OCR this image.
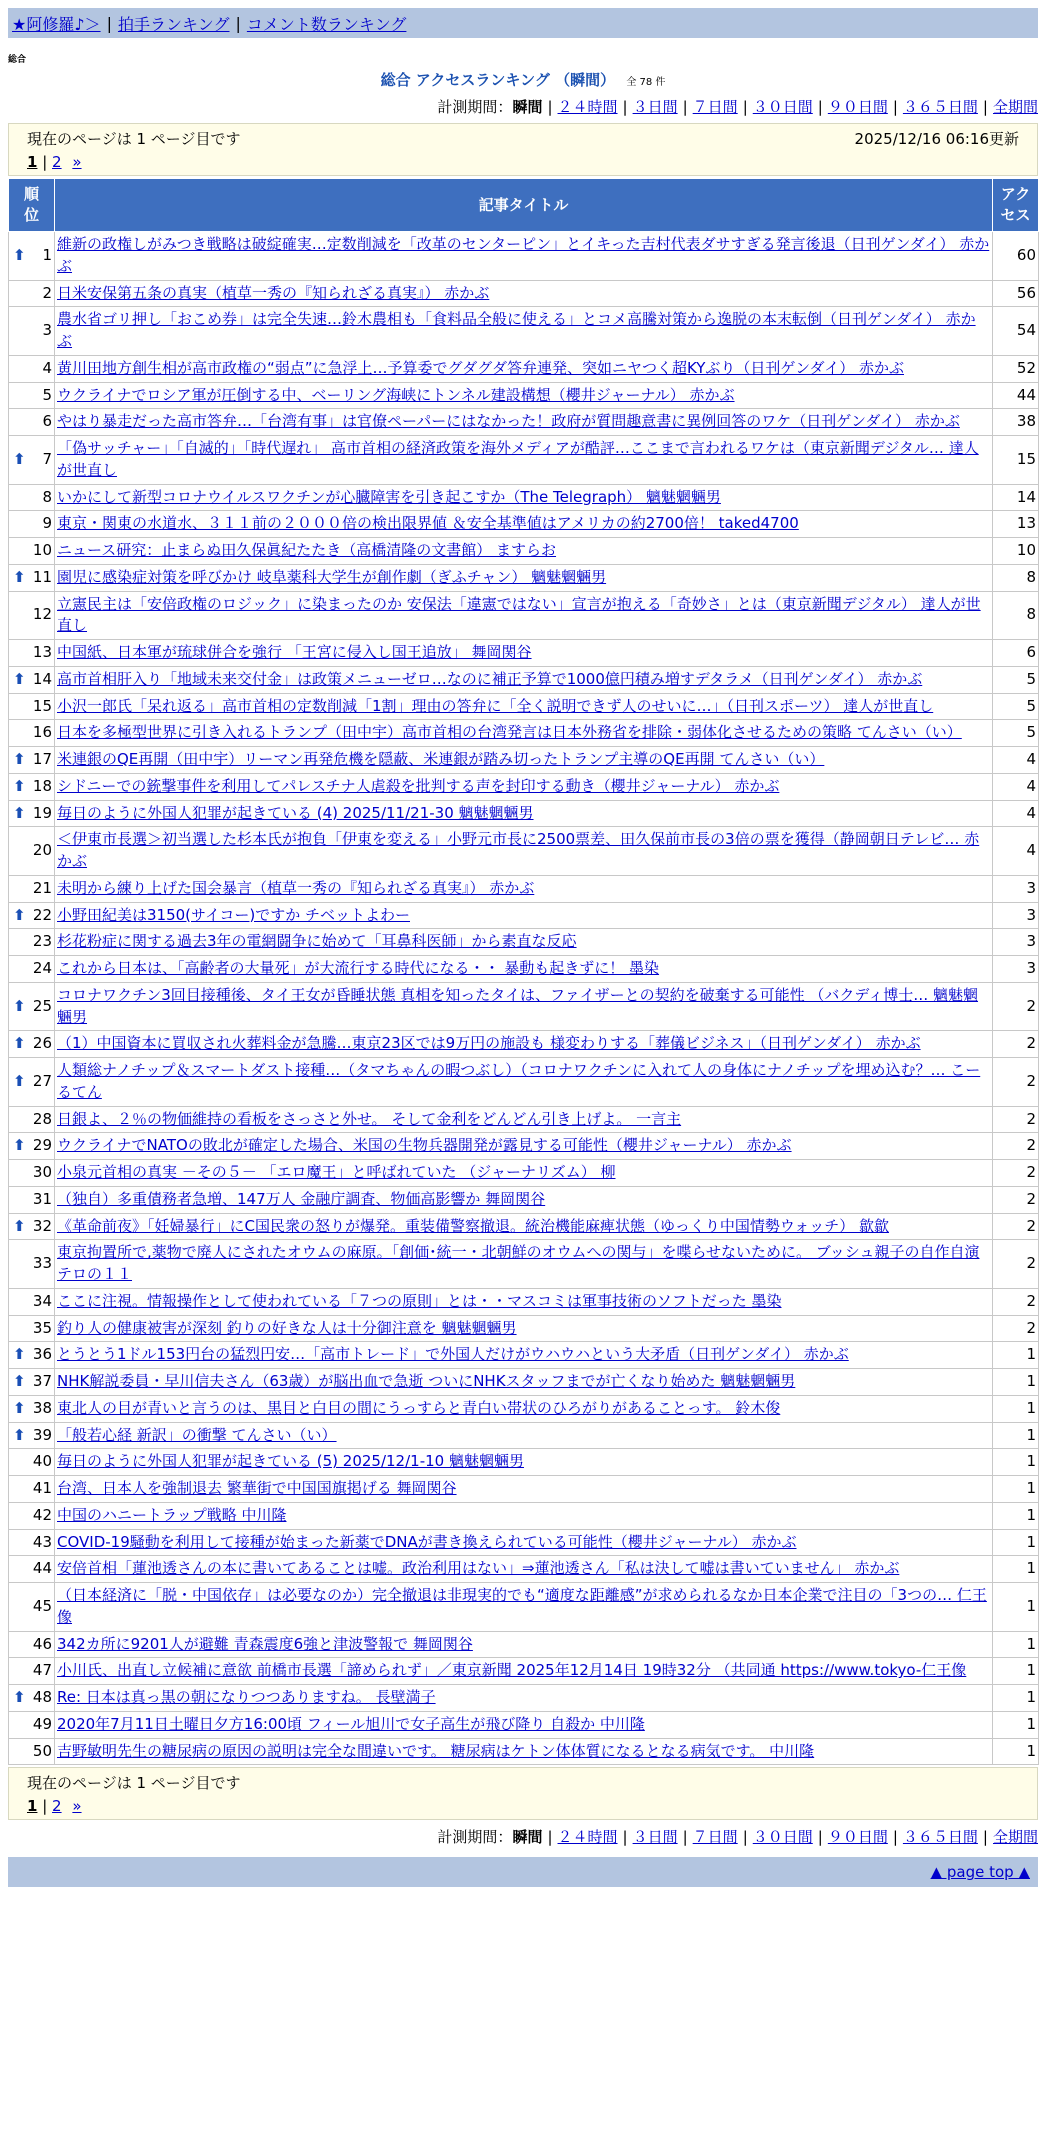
★阿修羅♪＞ | 拍手ランキング | コメント数ランキング
総合
総合 アクセスランキング （瞬間） 全 78 件
計測期間：瞬間 | ２４時間 | ３日間 | ７日間 | ３０日間 | ９０日間 | ３６５日間 | 全期間
現在のページは 1 ページ目です	2025/12/16 06:16更新
1 | 2 »
順位	記事タイトル	アクセス

⬆ 1	維新の政権しがみつき戦略は破綻確実…定数削減を「改革のセンターピン」とイキった吉村代表ダサすぎる発言後退（日刊ゲンダイ） 赤かぶ	60
2	日米安保第五条の真実（植草一秀の『知られざる真実』） 赤かぶ	56
3	農水省ゴリ押し「おこめ券」は完全失速…鈴木農相も「食料品全般に使える」とコメ高騰対策から逸脱の本末転倒（日刊ゲンダイ） 赤かぶ	54
4	黄川田地方創生相が高市政権の“弱点”に急浮上…予算委でグダグダ答弁連発、突如ニヤつく超KYぶり（日刊ゲンダイ） 赤かぶ	52
5	ウクライナでロシア軍が圧倒する中、ベーリング海峡にトンネル建設構想（櫻井ジャーナル） 赤かぶ	44
6	やはり暴走だった高市答弁…「台湾有事」は官僚ペーパーにはなかった！政府が質問趣意書に異例回答のワケ（日刊ゲンダイ） 赤かぶ	38

⬆ 7	「偽サッチャー」「自滅的」「時代遅れ」 高市首相の経済政策を海外メディアが酷評…ここまで言われるワケは（東京新聞デジタル… 達人が世直し	15
8	いかにして新型コロナウイルスワクチンが心臓障害を引き起こすか（The Telegraph） 魑魅魍魎男	14
9	東京・関東の水道水、３１１前の２０００倍の検出限界値 ＆安全基準値はアメリカの約2700倍！ taked4700	13
10	ニュース研究：止まらぬ田久保眞紀たたき（高橋清隆の文書館） ますらお	10

⬆ 11	園児に感染症対策を呼びかけ 岐阜薬科大学生が創作劇（ぎふチャン） 魑魅魍魎男	8
12	立憲民主は「安倍政権のロジック」に染まったのか 安保法「違憲ではない」宣言が抱える「奇妙さ」とは（東京新聞デジタル） 達人が世直し	8
13	中国紙、日本軍が琉球併合を強行 「王宮に侵入し国王追放」 舞岡関谷	6

⬆ 14	高市首相肝入り「地域未来交付金」は政策メニューゼロ…なのに補正予算で1000億円積み増すデタラメ（日刊ゲンダイ） 赤かぶ	5
15	小沢一郎氏「呆れ返る」高市首相の定数削減「1割」理由の答弁に「全く説明できず人のせいに…」（日刊スポーツ） 達人が世直し	5
16	日本を多極型世界に引き入れるトランプ（田中宇）高市首相の台湾発言は日本外務省を排除・弱体化させるための策略 てんさい（い）	5

⬆ 17	米連銀のQE再開（田中宇）リーマン再発危機を隠蔽、米連銀が踏み切ったトランプ主導のQE再開 てんさい（い）	4

⬆ 18	シドニーでの銃撃事件を利用してパレスチナ人虐殺を批判する声を封印する動き（櫻井ジャーナル） 赤かぶ	4

⬆ 19	毎日のように外国人犯罪が起きている (4) 2025/11/21-30 魑魅魍魎男	4
20	＜伊東市長選＞初当選した杉本氏が抱負「伊東を変える」小野元市長に2500票差、田久保前市長の3倍の票を獲得（静岡朝日テレビ… 赤かぶ	4
21	未明から練り上げた国会暴言（植草一秀の『知られざる真実』） 赤かぶ	3

⬆ 22	小野田紀美は3150(サイコー)ですか チベットよわー	3
23	杉花粉症に関する過去3年の電網闘争に始めて「耳鼻科医師」から素直な反応	3
24	これから日本は、「高齢者の大量死」が大流行する時代になる・・ 暴動も起きずに！ 墨染	3

⬆ 25	コロナワクチン3回目接種後、タイ王女が昏睡状態 真相を知ったタイは、ファイザーとの契約を破棄する可能性 （バクディ博士… 魑魅魍魎男	2

⬆ 26	（1）中国資本に買収され火葬料金が急騰…東京23区では9万円の施設も 様変わりする「葬儀ビジネス」（日刊ゲンダイ） 赤かぶ	2

⬆ 27	人類総ナノチップ＆スマートダスト接種…（タマちゃんの暇つぶし）（コロナワクチンに入れて人の身体にナノチップを埋め込む？… こーるてん	2
28	日銀よ、２％の物価維持の看板をさっさと外せ。 そして金利をどんどん引き上げよ。 一言主	2

⬆ 29	ウクライナでNATOの敗北が確定した場合、米国の生物兵器開発が露見する可能性（櫻井ジャーナル） 赤かぶ	2
30	小泉元首相の真実 －その５－ 「エロ魔王」と呼ばれていた （ジャーナリズム） 柳	2
31	（独自）多重債務者急増、147万人 金融庁調査、物価高影響か 舞岡関谷	2

⬆ 32	《革命前夜》「妊婦暴行」にC国民衆の怒りが爆発。重装備警察撤退。統治機能麻痺状態（ゆっくり中国情勢ウォッチ） 歙歙	2
33	東京拘置所で,薬物で廃人にされたオウムの麻原。「創価･統一・北朝鮮のオウムへの関与」を喋らせないために。 ブッシュ親子の自作自演テロの１１	2
34	ここに注視。情報操作として使われている「７つの原則」とは・・マスコミは軍事技術のソフトだった 墨染	2
35	釣り人の健康被害が深刻 釣りの好きな人は十分御注意を 魑魅魍魎男	2

⬆ 36	とうとう1ドル153円台の猛烈円安…「高市トレード」で外国人だけがウハウハという大矛盾（日刊ゲンダイ） 赤かぶ	1

⬆ 37	NHK解説委員・早川信夫さん（63歳）が脳出血で急逝 ついにNHKスタッフまでが亡くなり始めた 魑魅魍魎男	1

⬆ 38	東北人の目が青いと言うのは、黒目と白目の間にうっすらと青白い帯状のひろがりがあることっす。 鈴木俊	1

⬆ 39	「般若心経 新訳」の衝撃 てんさい（い）	1
40	毎日のように外国人犯罪が起きている (5) 2025/12/1-10 魑魅魍魎男	1
41	台湾、日本人を強制退去 繁華街で中国国旗掲げる 舞岡関谷	1
42	中国のハニートラップ戦略 中川隆	1
43	COVID-19騒動を利用して接種が始まった新薬でDNAが書き換えられている可能性（櫻井ジャーナル） 赤かぶ	1
44	安倍首相「蓮池透さんの本に書いてあることは嘘。政治利用はない」⇒蓮池透さん「私は決して嘘は書いていません」 赤かぶ	1
45	（日本経済に「脱・中国依存」は必要なのか）完全撤退は非現実的でも“適度な距離感”が求められるなか日本企業で注目の「3つの… 仁王像	1
46	342カ所に9201人が避難 青森震度6強と津波警報で 舞岡関谷	1
47	小川氏、出直し立候補に意欲 前橋市長選「諦められず」／東京新聞 2025年12月14日 19時32分 （共同通 https://www.tokyo-仁王像	1

⬆ 48	Re: 日本は真っ黒の朝になりつつありますね。 長壁満子	1
49	2020年7月11日土曜日夕方16:00頃 フィール旭川で女子高生が飛び降り 自殺か 中川隆	1
50	吉野敏明先生の糖尿病の原因の説明は完全な間違いです。 糖尿病はケトン体体質になるとなる病気です。 中川隆	1
現在のページは 1 ページ目です
1 | 2 »
計測期間：瞬間 | ２４時間 | ３日間 | ７日間 | ３０日間 | ９０日間 | ３６５日間 | 全期間
▲ page top ▲
